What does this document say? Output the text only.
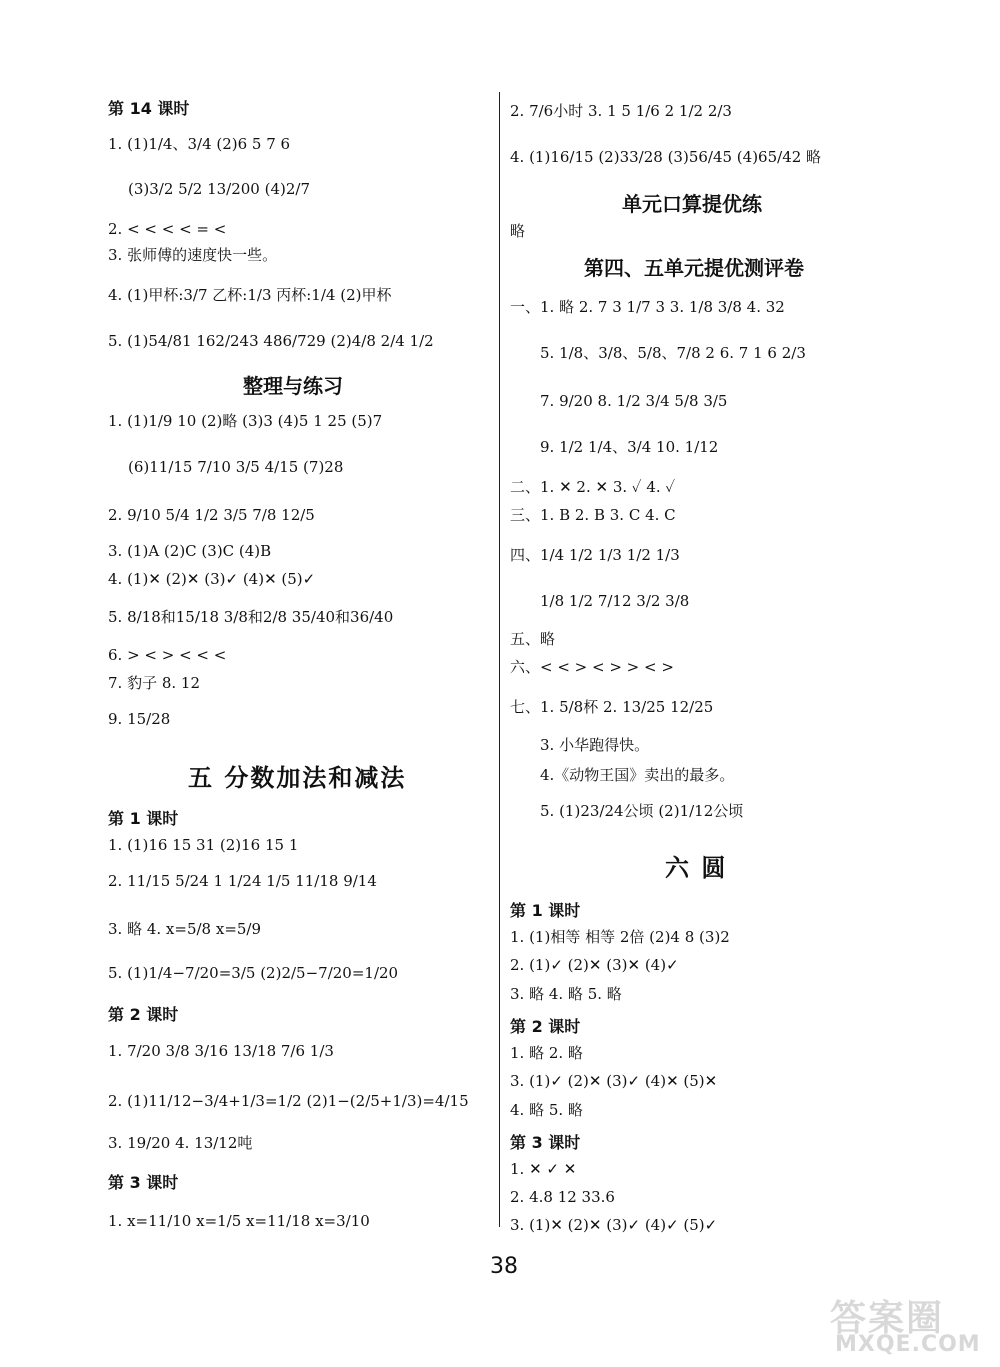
第 14 课时
1. (1)1/4、3/4 (2)6 5 7 6
(3)3/2 5/2 13/200 (4)2/7
2. < < < < = <
3. 张师傅的速度快一些。
4. (1)甲杯:3/7 乙杯:1/3 丙杯:1/4 (2)甲杯
5. (1)54/81 162/243 486/729 (2)4/8 2/4 1/2
整理与练习
1. (1)1/9 10 (2)略 (3)3 (4)5 1 25 (5)7
(6)11/15 7/10 3/5 4/15 (7)28
2. 9/10 5/4 1/2 3/5 7/8 12/5
3. (1)A (2)C (3)C (4)B
4. (1)✕ (2)✕ (3)✓ (4)✕ (5)✓
5. 8/18和15/18 3/8和2/8 35/40和36/40
6. > < > < < <
7. 豹子 8. 12
9. 15/28
五 分数加法和减法
第 1 课时
1. (1)16 15 31 (2)16 15 1
2. 11/15 5/24 1 1/24 1/5 11/18 9/14
3. 略 4. x=5/8 x=5/9
5. (1)1/4−7/20=3/5 (2)2/5−7/20=1/20
第 2 课时
1. 7/20 3/8 3/16 13/18 7/6 1/3
2. (1)11/12−3/4+1/3=1/2 (2)1−(2/5+1/3)=4/15
3. 19/20 4. 13/12吨
第 3 课时
1. x=11/10 x=1/5 x=11/18 x=3/10
2. 7/6小时 3. 1 5 1/6 2 1/2 2/3
4. (1)16/15 (2)33/28 (3)56/45 (4)65/42 略
单元口算提优练
略
第四、五单元提优测评卷
一、1. 略 2. 7 3 1/7 3 3. 1/8 3/8 4. 32
5. 1/8、3/8、5/8、7/8 2 6. 7 1 6 2/3
7. 9/20 8. 1/2 3/4 5/8 3/5
9. 1/2 1/4、3/4 10. 1/12
二、1. ✕ 2. ✕ 3. ✓ 4. ✓
三、1. B 2. B 3. C 4. C
四、1/4 1/2 1/3 1/2 1/3
1/8 1/2 7/12 3/2 3/8
五、略
六、< < > < > > < >
七、1. 5/8杯 2. 13/25 12/25
3. 小华跑得快。
4.《动物王国》卖出的最多。
5. (1)23/24公顷 (2)1/12公顷
六 圆
第 1 课时
1. (1)相等 相等 2倍 (2)4 8 (3)2
2. (1)✓ (2)✕ (3)✕ (4)✓
3. 略 4. 略 5. 略
第 2 课时
1. 略 2. 略
3. (1)✓ (2)✕ (3)✓ (4)✕ (5)✕
4. 略 5. 略
第 3 课时
1. ✕ ✓ ✕
2. 4.8 12 33.6
3. (1)✕ (2)✕ (3)✓ (4)✓ (5)✓
38
答案圈
MXQE.COM
